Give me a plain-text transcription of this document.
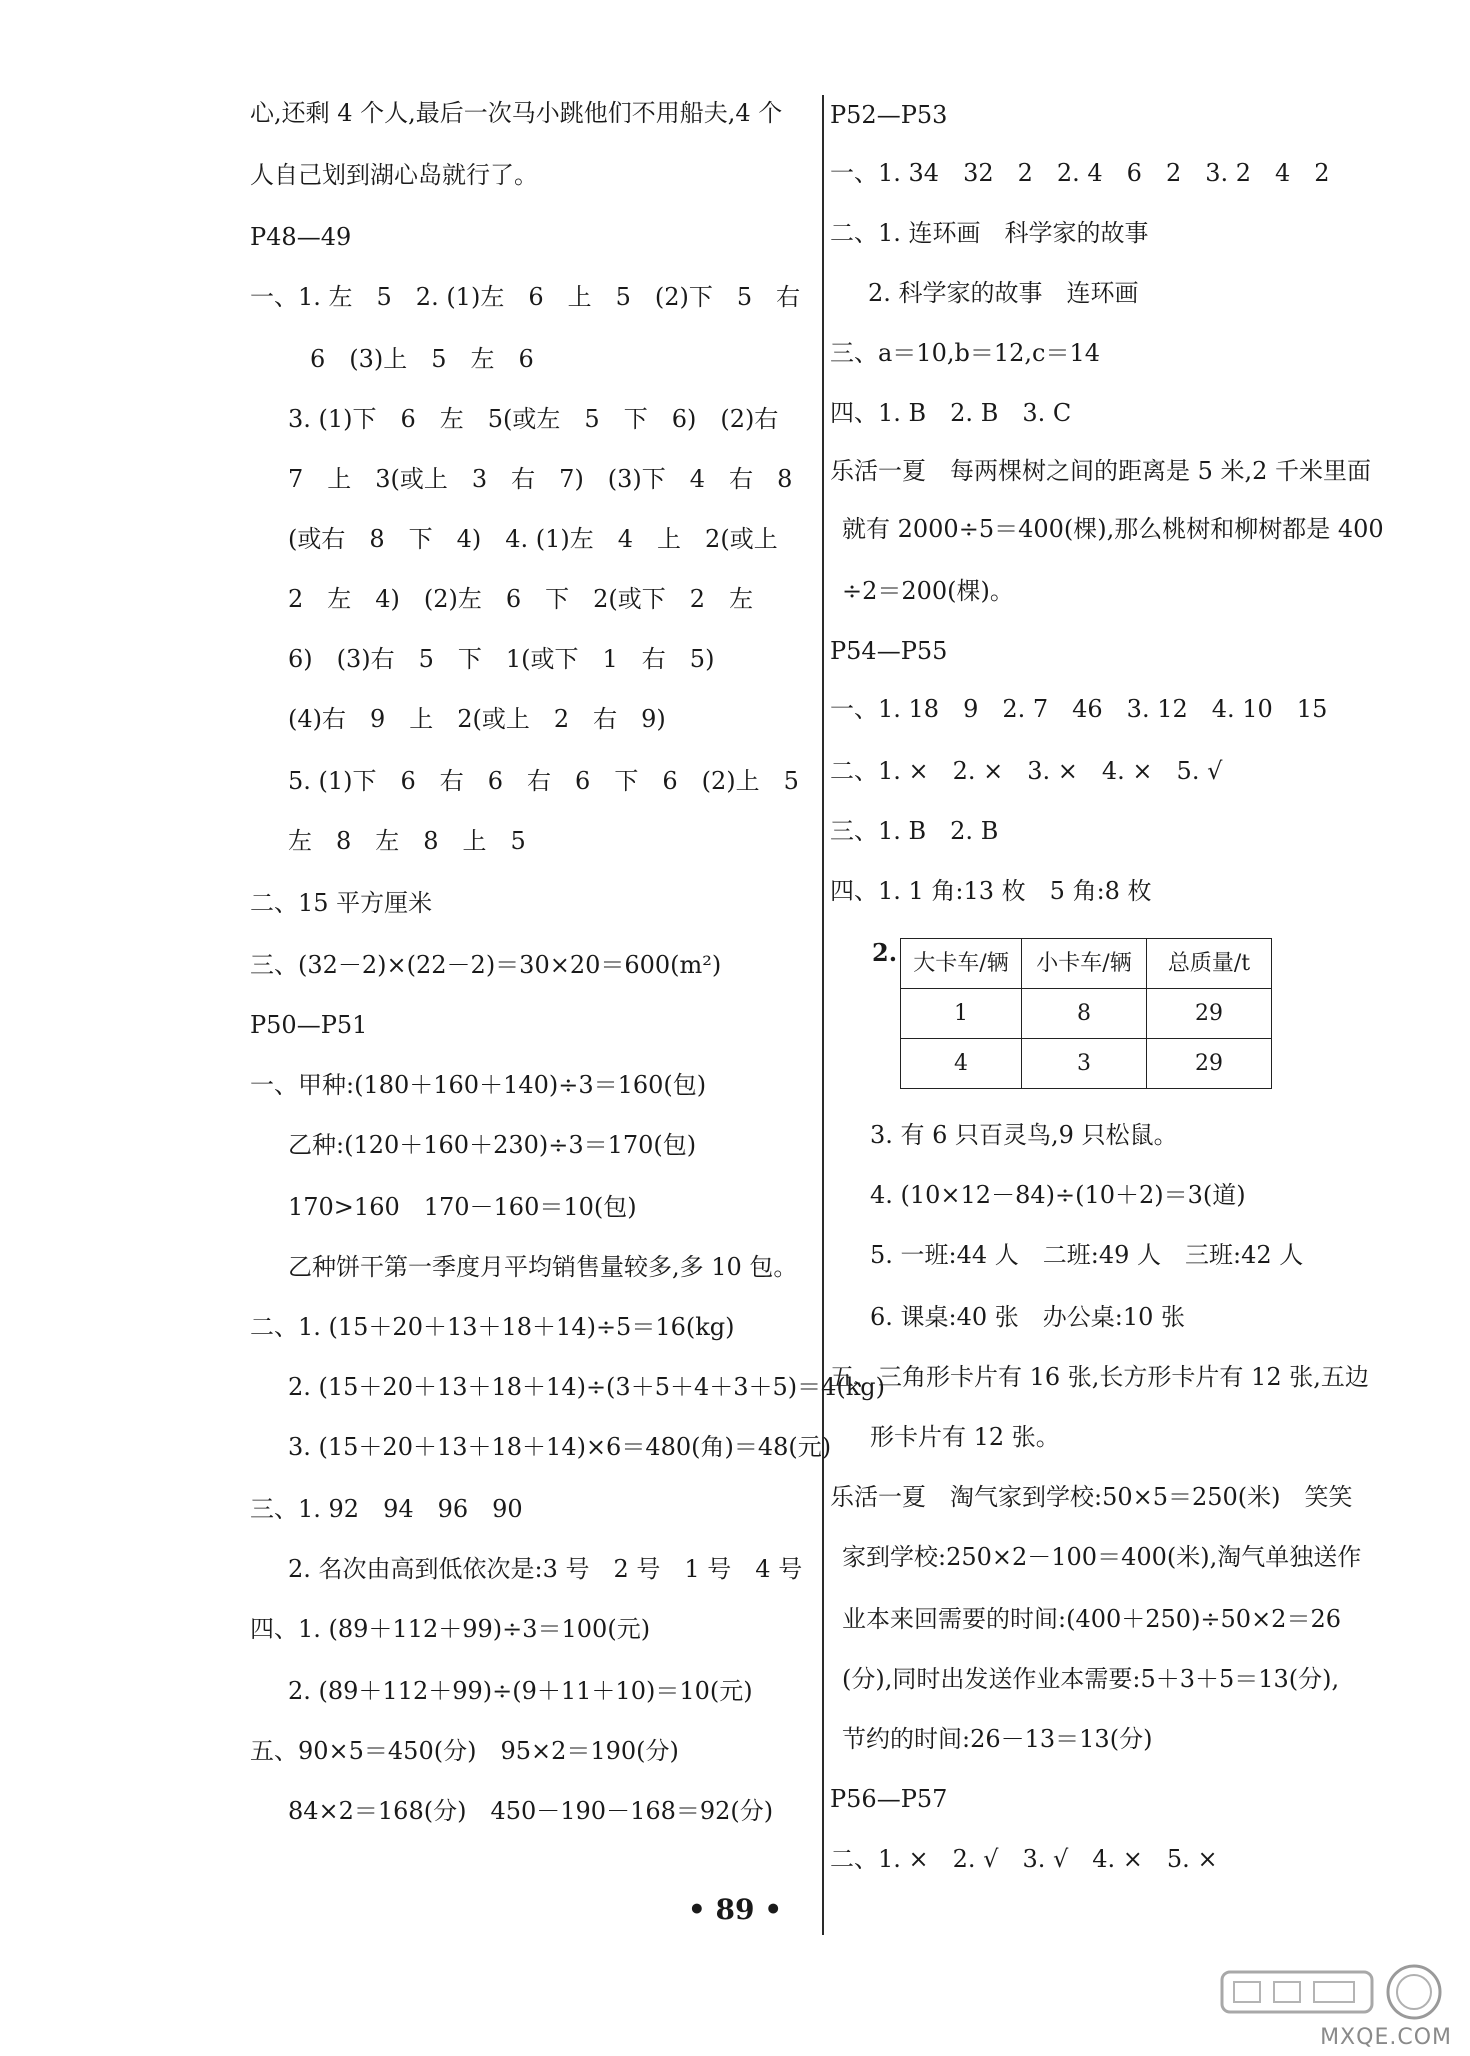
心,还剩 4 个人,最后一次马小跳他们不用船夫,4 个
人自己划到湖心岛就行了。
P48—49
一、1. 左　5　2. (1)左　6　上　5　(2)下　5　右
6　(3)上　5　左　6
3. (1)下　6　左　5(或左　5　下　6)　(2)右
7　上　3(或上　3　右　7)　(3)下　4　右　8
(或右　8　下　4)　4. (1)左　4　上　2(或上
2　左　4)　(2)左　6　下　2(或下　2　左
6)　(3)右　5　下　1(或下　1　右　5)
(4)右　9　上　2(或上　2　右　9)
5. (1)下　6　右　6　右　6　下　6　(2)上　5
左　8　左　8　上　5
二、15 平方厘米
三、(32－2)×(22－2)＝30×20＝600(m²)
P50—P51
一、甲种:(180＋160＋140)÷3＝160(包)
乙种:(120＋160＋230)÷3＝170(包)
170>160　170－160＝10(包)
乙种饼干第一季度月平均销售量较多,多 10 包。
二、1. (15＋20＋13＋18＋14)÷5＝16(kg)
2. (15＋20＋13＋18＋14)÷(3＋5＋4＋3＋5)＝4(kg)
3. (15＋20＋13＋18＋14)×6＝480(角)＝48(元)
三、1. 92　94　96　90
2. 名次由高到低依次是:3 号　2 号　1 号　4 号
四、1. (89＋112＋99)÷3＝100(元)
2. (89＋112＋99)÷(9＋11＋10)＝10(元)
五、90×5＝450(分)　95×2＝190(分)
84×2＝168(分)　450－190－168＝92(分)
P52—P53
一、1. 34　32　2　2. 4　6　2　3. 2　4　2
二、1. 连环画　科学家的故事
2. 科学家的故事　连环画
三、a＝10,b＝12,c＝14
四、1. B　2. B　3. C
乐活一夏　每两棵树之间的距离是 5 米,2 千米里面
就有 2000÷5＝400(棵),那么桃树和柳树都是 400
÷2＝200(棵)。
P54—P55
一、1. 18　9　2. 7　46　3. 12　4. 10　15
二、1. ×　2. ×　3. ×　4. ×　5. √
三、1. B　2. B
四、1. 1 角:13 枚　5 角:8 枚
3. 有 6 只百灵鸟,9 只松鼠。
4. (10×12－84)÷(10＋2)＝3(道)
5. 一班:44 人　二班:49 人　三班:42 人
6. 课桌:40 张　办公桌:10 张
五、三角形卡片有 16 张,长方形卡片有 12 张,五边
形卡片有 12 张。
乐活一夏　淘气家到学校:50×5＝250(米)　笑笑
家到学校:250×2－100＝400(米),淘气单独送作
业本来回需要的时间:(400＋250)÷50×2＝26
(分),同时出发送作业本需要:5＋3＋5＝13(分),
节约的时间:26－13＝13(分)
P56—P57
二、1. ×　2. √　3. √　4. ×　5. ×
2. 大卡车/辆	小卡车/辆	总质量/t
1	8	29
4	3	29
• 89 •
MXQE.COM
